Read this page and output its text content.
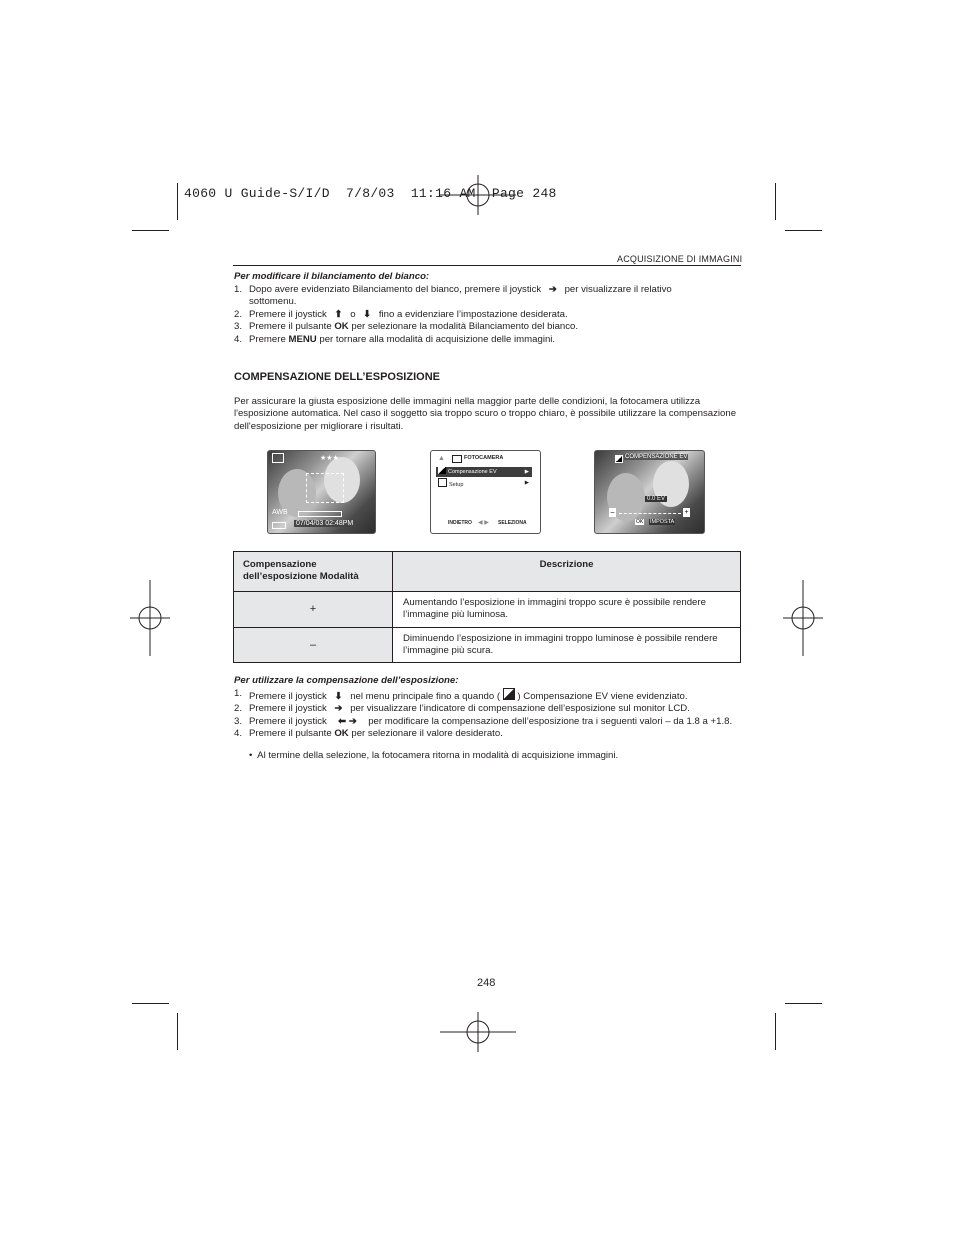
4060 U Guide-S/I/D  7/8/03  11:16 AM  Page 248
ACQUISIZIONE DI IMMAGINI
Per modificare il bilanciamento del bianco:
1. Dopo avere evidenziato Bilanciamento del bianco, premere il joystick ➔ per visualizzare il relativo
sottomenu.
2. Premere il joystick ⬆ o ⬇ fino a evidenziare l’impostazione desiderata.
3. Premere il pulsante OK per selezionare la modalità Bilanciamento del bianco.
4. Premere MENU per tornare alla modalità di acquisizione delle immagini.
COMPENSAZIONE DELL’ESPOSIZIONE
Per assicurare la giusta esposizione delle immagini nella maggior parte delle condizioni, la fotocamera utilizza l'esposizione automatica. Nel caso il soggetto sia troppo scuro o troppo chiaro, è possibile utilizzare la compensazione dell'esposizione per migliorare i risultati.
★★★
AWB
07/04/03 02:48PM
▲	FOTOCAMERA
Compensazione EV	▶
Setup	▶
INDIETRO ◀ ▶ SELEZIONA
COMPENSAZIONE EV
0.0 EV
–	+
OK IMPOSTA
Compensazione dell’esposizione Modalità	Descrizione
+	Aumentando l’esposizione in immagini troppo scure è possibile rendere l’immagine più luminosa.
–	Diminuendo l’esposizione in immagini troppo luminose è possibile rendere l’immagine più scura.
Per utilizzare la compensazione dell’esposizione:
1. Premere il joystick ⬇ nel menu principale fino a quando ( ) Compensazione EV viene evidenziato.
2. Premere il joystick ➔ per visualizzare l’indicatore di compensazione dell’esposizione sul monitor LCD.
3. Premere il joystick ⬅ ➔ per modificare la compensazione dell’esposizione tra i seguenti valori – da 1.8 a +1.8.
4. Premere il pulsante OK per selezionare il valore desiderato.
• Al termine della selezione, la fotocamera ritorna in modalità di acquisizione immagini.
248
